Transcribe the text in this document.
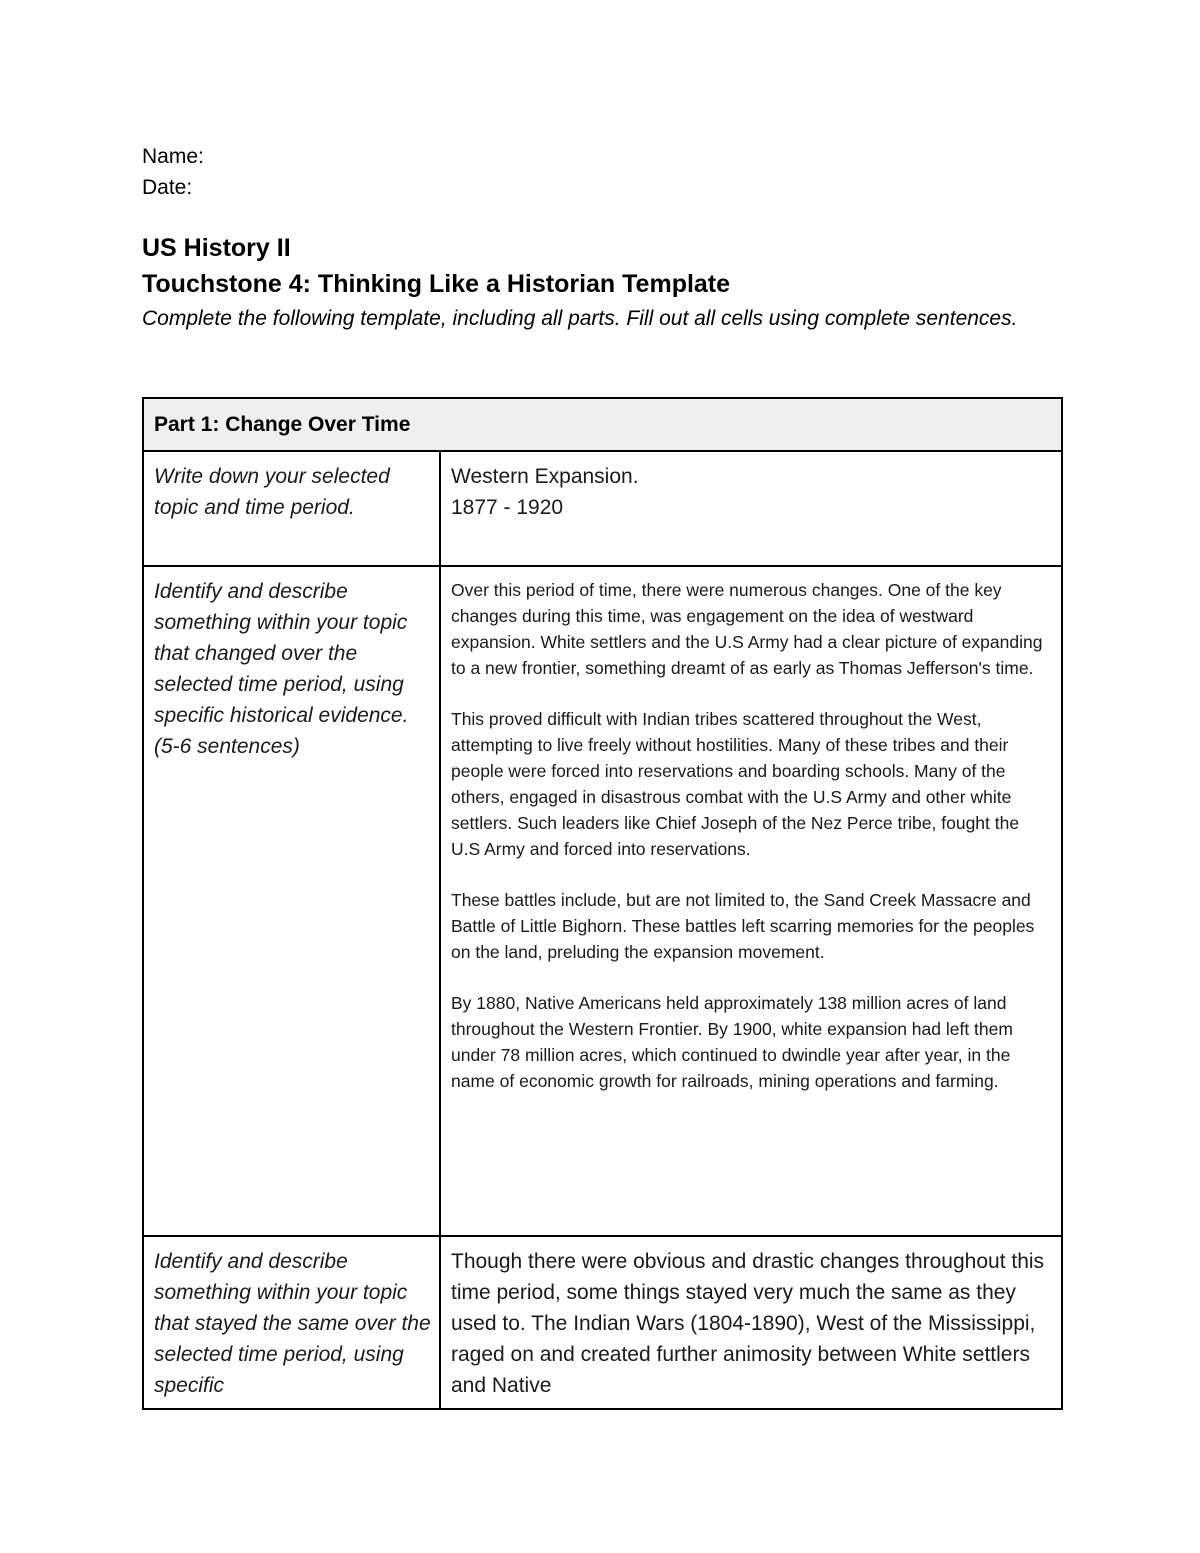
Name:
Date:
US History II
Touchstone 4: Thinking Like a Historian Template
Complete the following template, including all parts. Fill out all cells using complete sentences.
Part 1: Change Over Time	

Write down your selected topic and time period.	Western Expansion.
1877 - 1920

Identify and describe something within your topic that changed over the selected time period, using specific historical evidence. (5-6 sentences)	Over this period of time, there were numerous changes. One of the key changes during this time, was engagement on the idea of westward expansion. White settlers and the U.S Army had a clear picture of expanding to a new frontier, something dreamt of as early as Thomas Jefferson's time.

This proved difficult with Indian tribes scattered throughout the West, attempting to live freely without hostilities. Many of these tribes and their people were forced into reservations and boarding schools. Many of the others, engaged in disastrous combat with the U.S Army and other white settlers. Such leaders like Chief Joseph of the Nez Perce tribe, fought the U.S Army and forced into reservations.

These battles include, but are not limited to, the Sand Creek Massacre and Battle of Little Bighorn. These battles left scarring memories for the peoples on the land, preluding the expansion movement.

By 1880, Native Americans held approximately 138 million acres of land throughout the Western Frontier. By 1900, white expansion had left them under 78 million acres, which continued to dwindle year after year, in the name of economic growth for railroads, mining operations and farming.

Identify and describe something within your topic that stayed the same over the selected time period, using specific	Though there were obvious and drastic changes throughout this time period, some things stayed very much the same as they used to. The Indian Wars (1804-1890), West of the Mississippi, raged on and created further animosity between White settlers and Native
